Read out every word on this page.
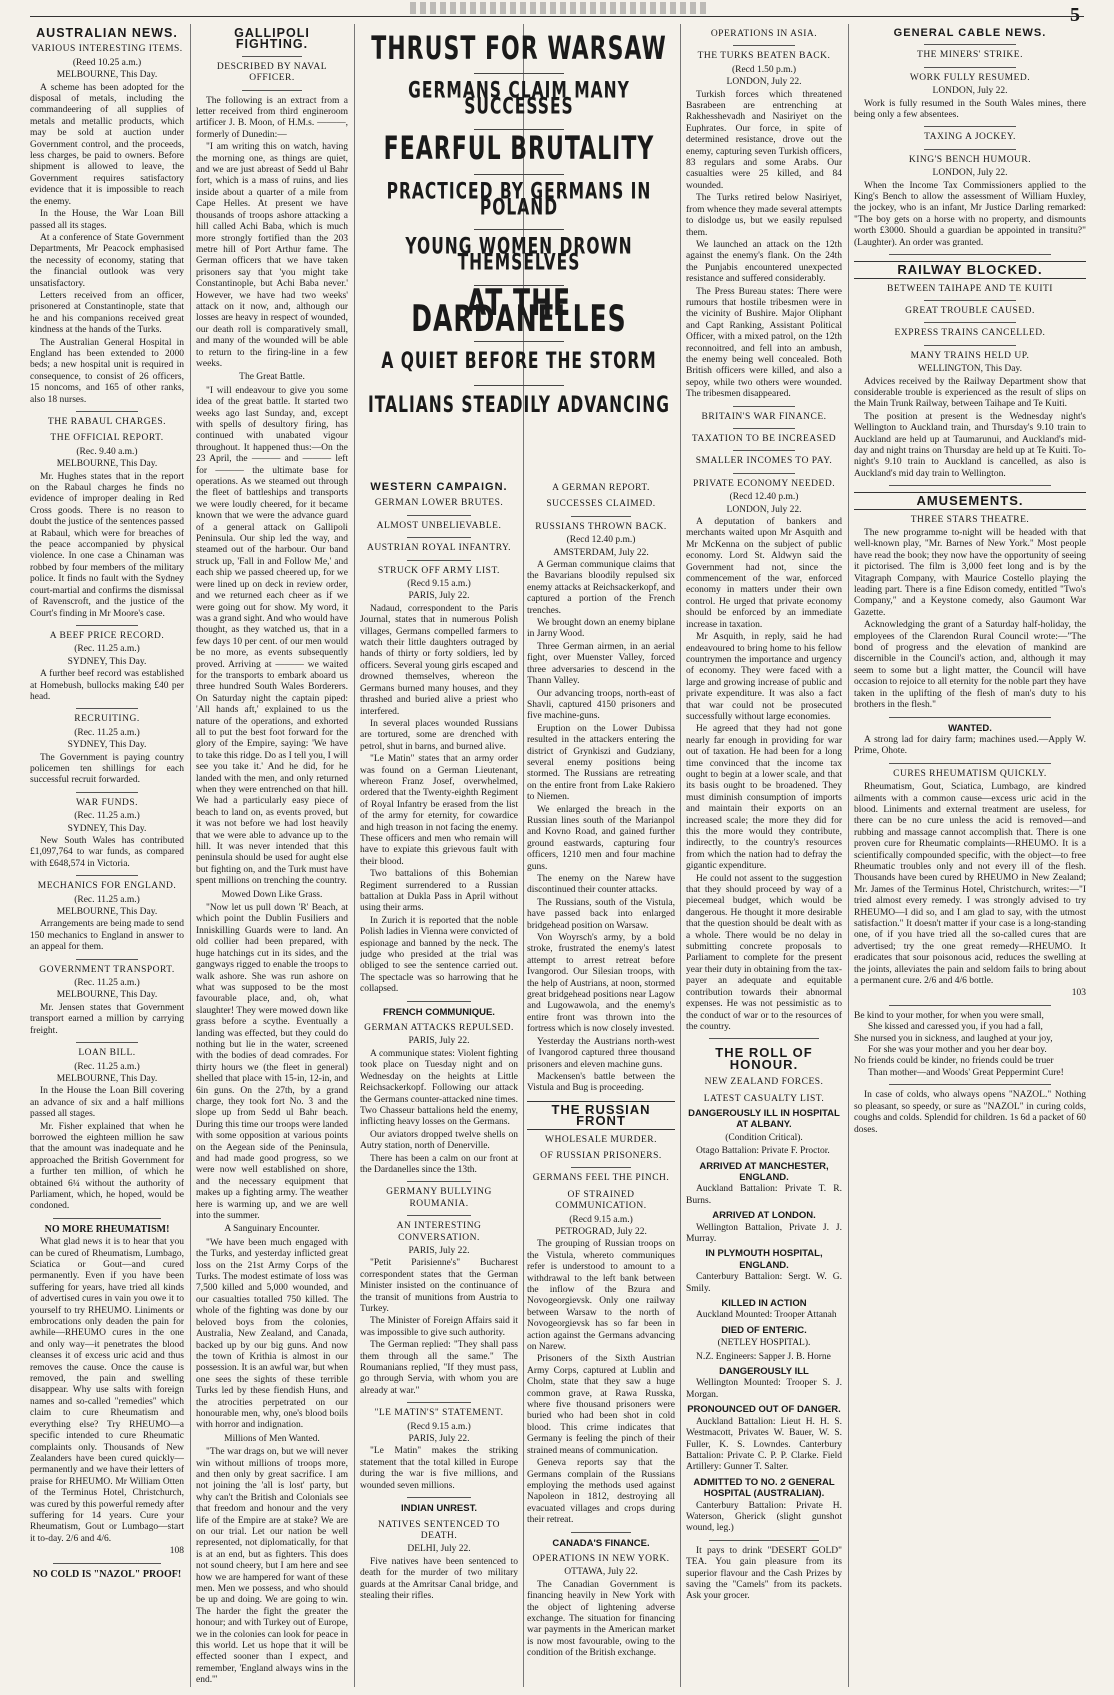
5
AUSTRALIAN NEWS.
VARIOUS INTERESTING ITEMS.
(Reed 10.25 a.m.)
MELBOURNE, This Day.

A scheme has been adopted for the disposal of metals, including the commandeering of all supplies of metals and metallic products, which may be sold at auction under Government control, and the proceeds, less charges, be paid to owners. Before shipment is allowed to leave, the Government requires satisfactory evidence that it is impossible to reach the enemy.

In the House, the War Loan Bill passed all its stages.

At a conference of State Government Departments, Mr Peacock emphasised the necessity of economy, stating that the financial outlook was very unsatisfactory.

Letters received from an officer, prisonered at Constantinople, state that he and his companions received great kindness at the hands of the Turks.

The Australian General Hospital in England has been extended to 2000 beds; a new hospital unit is required in consequence, to consist of 26 officers, 15 noncoms, and 165 of other ranks, also 18 nurses.

THE RABAUL CHARGES.
THE OFFICIAL REPORT.
(Rec. 9.40 a.m.)
MELBOURNE, This Day.

Mr. Hughes states that in the report on the Rabaul charges he finds no evidence of improper dealing in Red Cross goods. There is no reason to doubt the justice of the sentences passed at Rabaul, which were for breaches of the peace accompanied by physical violence. In one case a Chinaman was robbed by four members of the military police. It finds no fault with the Sydney court-martial and confirms the dismissal of Ravenscroft, and the justice of the Court's finding in Mr Moore's case.

A BEEF PRICE RECORD.
(Rec. 11.25 a.m.)
SYDNEY, This Day.

A further beef record was established at Homebush, bullocks making £40 per head.

RECRUITING.
(Rec. 11.25 a.m.)
SYDNEY, This Day.

The Government is paying country policemen ten shillings for each successful recruit forwarded.

WAR FUNDS.
(Rec. 11.25 a.m.)
SYDNEY, This Day.

New South Wales has contributed £1,097,764 to war funds, as compared with £648,574 in Victoria.

MECHANICS FOR ENGLAND.
(Rec. 11.25 a.m.)
MELBOURNE, This Day.

Arrangements are being made to send 150 mechanics to England in answer to an appeal for them.

GOVERNMENT TRANSPORT.
(Rec. 11.25 a.m.)
MELBOURNE, This Day.

Mr. Jensen states that Government transport earned a million by carrying freight.

LOAN BILL.
(Rec. 11.25 a.m.)
MELBOURNE, This Day.

In the House the Loan Bill covering an advance of six and a half millions passed all stages.

Mr. Fisher explained that when he borrowed the eighteen million he saw that the amount was inadequate and he approached the British Government for a further ten million, of which he obtained 6¼ without the authority of Parliament, which, he hoped, would be condoned.

NO MORE RHEUMATISM!

What glad news it is to hear that you can be cured of Rheumatism, Lumbago, Sciatica or Gout—and cured permanently. Even if you have been suffering for years, have tried all kinds of advertised cures in vain you owe it to yourself to try RHEUMO. Liniments or embrocations only deaden the pain for awhile—RHEUMO cures in the one and only way—it penetrates the blood cleanses it of excess uric acid and thus removes the cause. Once the cause is removed, the pain and swelling disappear. Why use salts with foreign names and so-called "remedies" which claim to cure Rheumatism and everything else? Try RHEUMO—a specific intended to cure Rheumatic complaints only. Thousands of New Zealanders have been cured quickly—permanently and we have their letters of praise for RHEUMO. Mr William Otten of the Terminus Hotel, Christchurch, was cured by this powerful remedy after suffering for 14 years. Cure your Rheumatism, Gout or Lumbago—start it to-day. 2/6 and 4/6.

108
NO COLD IS "NAZOL" PROOF!
GALLIPOLI FIGHTING.
DESCRIBED BY NAVAL OFFICER.

The following is an extract from a letter received from third engineroom artificer J. B. Moon, of H.M.s. ———, formerly of Dunedin:—

"I am writing this on watch, having the morning one, as things are quiet, and we are just abreast of Sedd ul Bahr fort, which is a mass of ruins, and lies inside about a quarter of a mile from Cape Helles. At present we have thousands of troops ashore attacking a hill called Achi Baba, which is much more strongly fortified than the 203 metre hill of Port Arthur fame. The German officers that we have taken prisoners say that 'you might take Constantinople, but Achi Baba never.' However, we have had two weeks' attack on it now, and, although our losses are heavy in respect of wounded, our death roll is comparatively small, and many of the wounded will be able to return to the firing-line in a few weeks.

The Great Battle.

"I will endeavour to give you some idea of the great battle. It started two weeks ago last Sunday, and, except with spells of desultory firing, has continued with unabated vigour throughout. It happened thus:—On the 23 April, the ——— and ——— left for ——— the ultimate base for operations. As we steamed out through the fleet of battleships and transports we were loudly cheered, for it became known that we were the advance guard of a general attack on Gallipoli Peninsula. Our ship led the way, and steamed out of the harbour. Our band struck up, 'Fall in and Follow Me,' and each ship we passed cheered up, for we were lined up on deck in review order, and we returned each cheer as if we were going out for show. My word, it was a grand sight. And who would have thought, as they watched us, that in a few days 10 per cent. of our men would be no more, as events subsequently proved. Arriving at ——— we waited for the transports to embark aboard us three hundred South Wales Borderers. On Saturday night the captain piped: 'All hands aft,' explained to us the nature of the operations, and exhorted all to put the best foot forward for the glory of the Empire, saying: 'We have to take this ridge. Do as I tell you, I will see you take it.' And he did, for he landed with the men, and only returned when they were entrenched on that hill. We had a particularly easy piece of beach to land on, as events proved, but it was not before we had lost heavily that we were able to advance up to the hill. It was never intended that this peninsula should be used for aught else but fighting on, and the Turk must have spent millions on trenching the country.

Mowed Down Like Grass.

"Now let us pull down 'R' Beach, at which point the Dublin Fusiliers and Inniskilling Guards were to land. An old collier had been prepared, with huge hatchings cut in its sides, and the gangways rigged to enable the troops to walk ashore. She was run ashore on what was supposed to be the most favourable place, and, oh, what slaughter! They were mowed down like grass before a scythe. Eventually a landing was effected, but they could do nothing but lie in the water, screened with the bodies of dead comrades. For thirty hours we (the fleet in general) shelled that place with 15-in, 12-in, and 6in guns. On the 27th, by a grand charge, they took fort No. 3 and the slope up from Sedd ul Bahr beach. During this time our troops were landed with some opposition at various points on the Aegean side of the Peninsula, and had made good progress, so we were now well established on shore, and the necessary equipment that makes up a fighting army. The weather here is warming up, and we are well into the summer.

A Sanguinary Encounter.

"We have been much engaged with the Turks, and yesterday inflicted great loss on the 21st Army Corps of the Turks. The modest estimate of loss was 7,500 killed and 5,000 wounded, and our casualties totalled 750 killed. The whole of the fighting was done by our beloved boys from the colonies, Australia, New Zealand, and Canada, backed up by our big guns. And now the town of Krithia is almost in our possession. It is an awful war, but when one sees the sights of these terrible Turks led by these fiendish Huns, and the atrocities perpetrated on our honourable men, why, one's blood boils with horror and indignation.

Millions of Men Wanted.

"The war drags on, but we will never win without millions of troops more, and then only by great sacrifice. I am not joining the 'all is lost' party, but why can't the British and Colonials see that freedom and honour and the very life of the Empire are at stake? We are on our trial. Let our nation be well represented, not diplomatically, for that is at an end, but as fighters. This does not sound cheery, but I am here and see how we are hampered for want of these men. Men we possess, and who should be up and doing. We are going to win. The harder the fight the greater the honour; and with Turkey out of Europe, we in the colonies can look for peace in this world. Let us hope that it will be effected sooner than I expect, and remember, 'England always wins in the end.'"

THRUST FOR WARSAW
GERMANS CLAIM MANY SUCCESSES
FEARFUL BRUTALITY
PRACTICED BY GERMANS IN POLAND
YOUNG WOMEN DROWN THEMSELVES
AT THE DARDANELLES
A QUIET BEFORE THE STORM
ITALIANS STEADILY ADVANCING
WESTERN CAMPAIGN.
GERMAN LOWER BRUTES.
ALMOST UNBELIEVABLE.
AUSTRIAN ROYAL INFANTRY.
STRUCK OFF ARMY LIST.
(Recd 9.15 a.m.)
PARIS, July 22.

Nadaud, correspondent to the Paris Journal, states that in numerous Polish villages, Germans compelled farmers to watch their little daughters outraged by hands of thirty or forty soldiers, led by officers. Several young girls escaped and drowned themselves, whereon the Germans burned many houses, and they thrashed and buried alive a priest who interfered.

In several places wounded Russians are tortured, some are drenched with petrol, shut in barns, and burned alive.

"Le Matin" states that an army order was found on a German Lieutenant, whereon Franz Josef, overwhelmed, ordered that the Twenty-eighth Regiment of Royal Infantry be erased from the list of the army for eternity, for cowardice and high treason in not facing the enemy. These officers and men who remain will have to expiate this grievous fault with their blood.

Two battalions of this Bohemian Regiment surrendered to a Russian battalion at Dukla Pass in April without using their arms.

In Zurich it is reported that the noble Polish ladies in Vienna were convicted of espionage and banned by the neck. The judge who presided at the trial was obliged to see the sentence carried out. The spectacle was so harrowing that he collapsed.

FRENCH COMMUNIQUE.
GERMAN ATTACKS REPULSED.
PARIS, July 22.

A communique states: Violent fighting took place on Tuesday night and on Wednesday on the heights at Little Reichsackerkopf. Following our attack the Germans counter-attacked nine times. Two Chasseur battalions held the enemy, inflicting heavy losses on the Germans.

Our aviators dropped twelve shells on Autry station, north of Denerville.

There has been a calm on our front at the Dardanelles since the 13th.

GERMANY BULLYING ROUMANIA.
AN INTERESTING CONVERSATION.
PARIS, July 22.

"Petit Parisienne's" Bucharest correspondent states that the German Minister insisted on the continuance of the transit of munitions from Austria to Turkey.

The Minister of Foreign Affairs said it was impossible to give such authority.

The German replied: "They shall pass them through all the same." The Roumanians replied, "If they must pass, go through Servia, with whom you are already at war."

"LE MATIN'S" STATEMENT.
(Recd 9.15 a.m.)
PARIS, July 22.

"Le Matin" makes the striking statement that the total killed in Europe during the war is five millions, and wounded seven millions.

INDIAN UNREST.
NATIVES SENTENCED TO DEATH.
DELHI, July 22.

Five natives have been sentenced to death for the murder of two military guards at the Amritsar Canal bridge, and stealing their rifles.

A GERMAN REPORT.
SUCCESSES CLAIMED.
RUSSIANS THROWN BACK.
(Recd 12.40 p.m.)
AMSTERDAM, July 22.

A German communique claims that the Bavarians bloodily repulsed six enemy attacks at Reichsackerkopf, and captured a portion of the French trenches.

We brought down an enemy biplane in Jarny Wood.

Three German airmen, in an aerial fight, over Muenster Valley, forced three adversaries to descend in the Thann Valley.

Our advancing troops, north-east of Shavli, captured 4150 prisoners and five machine-guns.

Eruption on the Lower Dubissa resulted in the attackers entering the district of Grynkiszi and Gudziany, several enemy positions being stormed. The Russians are retreating on the entire front from Lake Rakiero to Niemen.

We enlarged the breach in the Russian lines south of the Marianpol and Kovno Road, and gained further ground eastwards, capturing four officers, 1210 men and four machine guns.

The enemy on the Narew have discontinued their counter attacks.

The Russians, south of the Vistula, have passed back into enlarged bridgehead position on Warsaw.

Von Woyrsch's army, by a bold stroke, frustrated the enemy's latest attempt to arrest retreat before Ivangorod. Our Silesian troops, with the help of Austrians, at noon, stormed great bridgehead positions near Lagow and Lugowawola, and the enemy's entire front was thrown into the fortress which is now closely invested.

Yesterday the Austrians north-west of Ivangorod captured three thousand prisoners and eleven machine guns.

Mackensen's battle between the Vistula and Bug is proceeding.

THE RUSSIAN FRONT
WHOLESALE MURDER.
OF RUSSIAN PRISONERS.
GERMANS FEEL THE PINCH.
OF STRAINED COMMUNICATION.
(Recd 9.15 a.m.)
PETROGRAD, July 22.

The grouping of Russian troops on the Vistula, whereto communiques refer is understood to amount to a withdrawal to the left bank between the inflow of the Bzura and Novogeorgievsk. Only one railway between Warsaw to the north of Novogeorgievsk has so far been in action against the Germans advancing on Narew.

Prisoners of the Sixth Austrian Army Corps, captured at Lublin and Cholm, state that they saw a huge common grave, at Rawa Russka, where five thousand prisoners were buried who had been shot in cold blood. This crime indicates that Germany is feeling the pinch of their strained means of communication.

Geneva reports say that the Germans complain of the Russians employing the methods used against Napoleon in 1812, destroying all evacuated villages and crops during their retreat.

CANADA'S FINANCE.
OPERATIONS IN NEW YORK.
OTTAWA, July 22.

The Canadian Government is financing heavily in New York with the object of lightening adverse exchange. The situation for financing war payments in the American market is now most favourable, owing to the condition of the British exchange.

OPERATIONS IN ASIA.
THE TURKS BEATEN BACK.
(Recd 1.50 p.m.)
LONDON, July 22.

Turkish forces which threatened Basrabeen are entrenching at Rakhesshevadh and Nasiriyet on the Euphrates. Our force, in spite of determined resistance, drove out the enemy, capturing seven Turkish officers, 83 regulars and some Arabs. Our casualties were 25 killed, and 84 wounded.

The Turks retired below Nasiriyet, from whence they made several attempts to dislodge us, but we easily repulsed them.

We launched an attack on the 12th against the enemy's flank. On the 24th the Punjabis encountered unexpected resistance and suffered considerably.

The Press Bureau states: There were rumours that hostile tribesmen were in the vicinity of Bushire. Major Oliphant and Capt Ranking, Assistant Political Officer, with a mixed patrol, on the 12th reconnoitred, and fell into an ambush, the enemy being well concealed. Both British officers were killed, and also a sepoy, while two others were wounded. The tribesmen disappeared.

BRITAIN'S WAR FINANCE.
TAXATION TO BE INCREASED
SMALLER INCOMES TO PAY.
PRIVATE ECONOMY NEEDED.
(Recd 12.40 p.m.)
LONDON, July 22.

A deputation of bankers and merchants waited upon Mr Asquith and Mr McKenna on the subject of public economy. Lord St. Aldwyn said the Government had not, since the commencement of the war, enforced economy in matters under their own control. He urged that private economy should be enforced by an immediate increase in taxation.

Mr Asquith, in reply, said he had endeavoured to bring home to his fellow countrymen the importance and urgency of economy. They were faced with a large and growing increase of public and private expenditure. It was also a fact that war could not be prosecuted successfully without large economies.

He agreed that they had not gone nearly far enough in providing for war out of taxation. He had been for a long time convinced that the income tax ought to begin at a lower scale, and that its basis ought to be broadened. They must diminish consumption of imports and maintain their exports on an increased scale; the more they did for this the more would they contribute, indirectly, to the country's resources from which the nation had to defray the gigantic expenditure.

He could not assent to the suggestion that they should proceed by way of a piecemeal budget, which would be dangerous. He thought it more desirable that the question should be dealt with as a whole. There would be no delay in submitting concrete proposals to Parliament to complete for the present year their duty in obtaining from the tax-payer an adequate and equitable contribution towards their abnormal expenses. He was not pessimistic as to the conduct of war or to the resources of the country.

THE ROLL OF HONOUR.
NEW ZEALAND FORCES.
LATEST CASUALTY LIST.
DANGEROUSLY ILL IN HOSPITAL AT ALBANY.
(Condition Critical).

Otago Battalion: Private F. Proctor.

ARRIVED AT MANCHESTER, ENGLAND.

Auckland Battalion: Private T. R. Burns.

ARRIVED AT LONDON.

Wellington Battalion, Private J. J. Murray.

IN PLYMOUTH HOSPITAL, ENGLAND.

Canterbury Battalion: Sergt. W. G. Smily.

KILLED IN ACTION

Auckland Mounted: Trooper Attanah

DIED OF ENTERIC.
(NETLEY HOSPITAL).

N.Z. Engineers: Sapper J. B. Horne

DANGEROUSLY ILL

Wellington Mounted: Trooper S. J. Morgan.

PRONOUNCED OUT OF DANGER.

Auckland Battalion: Lieut H. H. S. Westmacott, Privates W. Bauer, W. S. Fuller, K. S. Lowndes. Canterbury Battalion: Private C. P. P. Clarke. Field Artillery: Gunner T. Salter.

ADMITTED TO NO. 2 GENERAL HOSPITAL (AUSTRALIAN).

Canterbury Battalion: Private H. Waterson, Gherick (slight gunshot wound, leg.)

It pays to drink "DESERT GOLD" TEA. You gain pleasure from its superior flavour and the Cash Prizes by saving the "Camels" from its packets. Ask your grocer.

GENERAL CABLE NEWS.
THE MINERS' STRIKE.
WORK FULLY RESUMED.
LONDON, July 22.

Work is fully resumed in the South Wales mines, there being only a few absentees.

TAXING A JOCKEY.
KING'S BENCH HUMOUR.
LONDON, July 22.

When the Income Tax Commissioners applied to the King's Bench to allow the assessment of William Huxley, the jockey, who is an infant, Mr Justice Darling remarked: "The boy gets on a horse with no property, and dismounts worth £3000. Should a guardian be appointed in transitu?" (Laughter). An order was granted.

RAILWAY BLOCKED.
BETWEEN TAIHAPE AND TE KUITI
GREAT TROUBLE CAUSED.
EXPRESS TRAINS CANCELLED.
MANY TRAINS HELD UP.
WELLINGTON, This Day.

Advices received by the Railway Department show that considerable trouble is experienced as the result of slips on the Main Trunk Railway, between Taihape and Te Kuiti.

The position at present is the Wednesday night's Wellington to Auckland train, and Thursday's 9.10 train to Auckland are held up at Taumarunui, and Auckland's mid-day and night trains on Thursday are held up at Te Kuiti. To-night's 9.10 train to Auckland is cancelled, as also is Auckland's mid day train to Wellington.

AMUSEMENTS.
THREE STARS THEATRE.

The new programme to-night will be headed with that well-known play, "Mr. Barnes of New York." Most people have read the book; they now have the opportunity of seeing it pictorised. The film is 3,000 feet long and is by the Vitagraph Company, with Maurice Costello playing the leading part. There is a fine Edison comedy, entitled "Two's Company," and a Keystone comedy, also Gaumont War Gazette.

Acknowledging the grant of a Saturday half-holiday, the employees of the Clarendon Rural Council wrote:—"The bond of progress and the elevation of mankind are discernible in the Council's action, and, although it may seem to some but a light matter, the Council will have occasion to rejoice to all eternity for the noble part they have taken in the uplifting of the flesh of man's duty to his brothers in the flesh."

WANTED.

A strong lad for dairy farm; machines used.—Apply W. Prime, Ohote.

CURES RHEUMATISM QUICKLY.

Rheumatism, Gout, Sciatica, Lumbago, are kindred ailments with a common cause—excess uric acid in the blood. Liniments and external treatment are useless, for there can be no cure unless the acid is removed—and rubbing and massage cannot accomplish that. There is one proven cure for Rheumatic complaints—RHEUMO. It is a scientifically compounded specific, with the object—to free Rheumatic troubles only and not every ill of the flesh. Thousands have been cured by RHEUMO in New Zealand; Mr. James of the Terminus Hotel, Christchurch, writes:—"I tried almost every remedy. I was strongly advised to try RHEUMO—I did so, and I am glad to say, with the utmost satisfaction." It doesn't matter if your case is a long-standing one, of if you have tried all the so-called cures that are advertised; try the one great remedy—RHEUMO. It eradicates that sour poisonous acid, reduces the swelling at the joints, alleviates the pain and seldom fails to bring about a permanent cure. 2/6 and 4/6 bottle.

103
Be kind to your mother, for when you were small,
She kissed and caressed you, if you had a fall,
She nursed you in sickness, and laughed at your joy,
For she was your mother and you her dear boy.
No friends could be kinder, no friends could be truer
Than mother—and Woods' Great Peppermint Cure!

In case of colds, who always opens "NAZOL." Nothing so pleasant, so speedy, or sure as "NAZOL" in curing colds, coughs and colds. Splendid for children. 1s 6d a packet of 60 doses.
